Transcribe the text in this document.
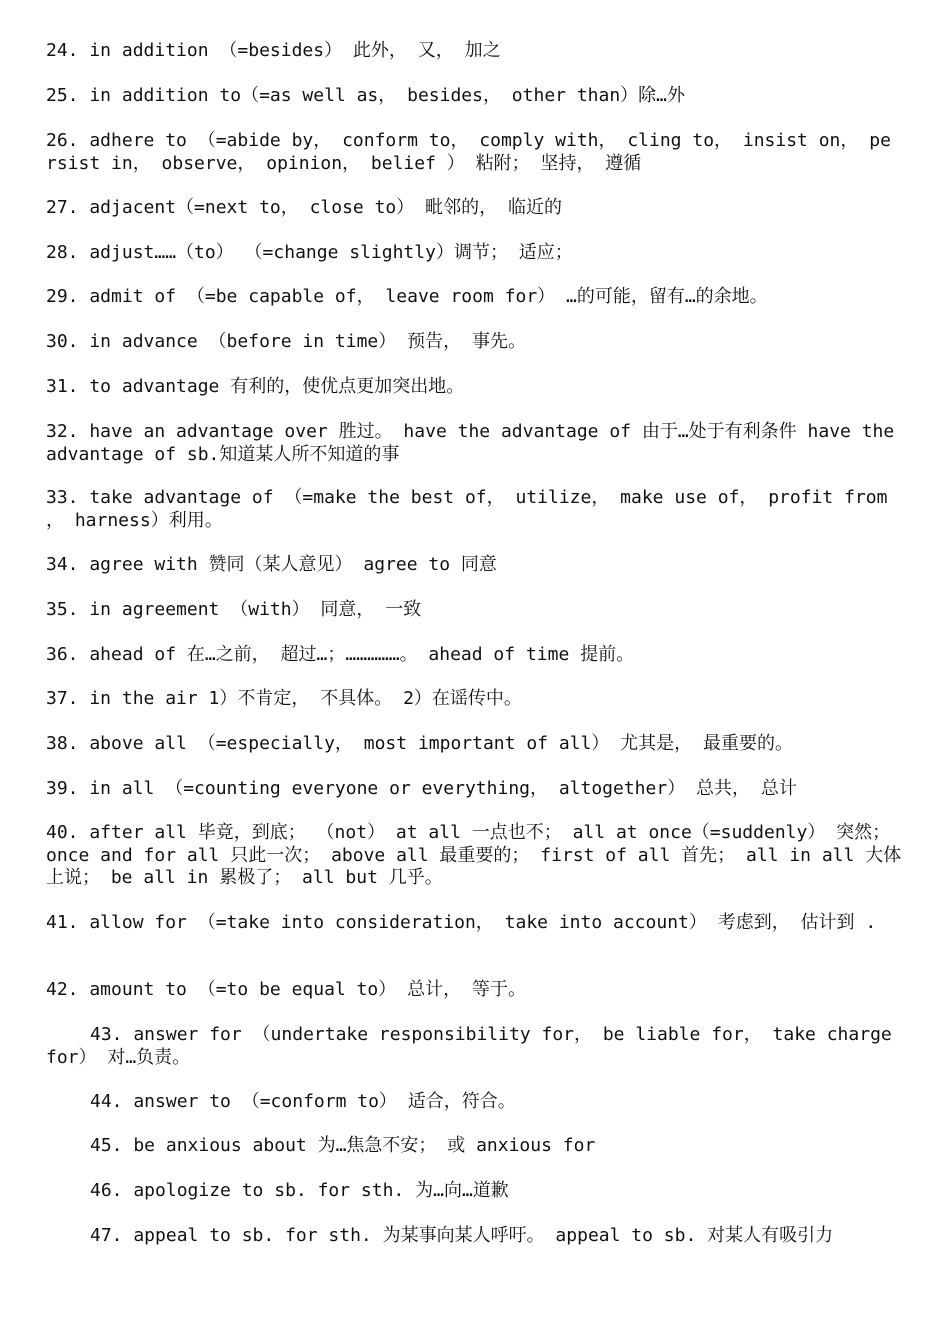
24. in addition （=besides） 此外， 又， 加之

25. in addition to（=as well as， besides， other than）除…外

26. adhere to （=abide by， conform to， comply with， cling to， insist on， pe rsist in， observe， opinion， belief ） 粘附； 坚持， 遵循

27. adjacent（=next to， close to） 毗邻的， 临近的

28. adjust……（to） （=change slightly）调节； 适应；

29. admit of （=be capable of， leave room for） …的可能，留有…的余地。

30. in advance （before in time） 预告， 事先。

31. to advantage 有利的，使优点更加突出地。

32. have an advantage over 胜过。 have the advantage of 由于…处于有利条件 have the advantage of sb.知道某人所不知道的事

33. take advantage of （=make the best of， utilize， make use of， profit from ， harness）利用。

34. agree with 赞同（某人意见） agree to 同意

35. in agreement （with） 同意， 一致

36. ahead of 在…之前， 超过…；……………。 ahead of time 提前。

37. in the air 1）不肯定， 不具体。 2）在谣传中。

38. above all （=especially， most important of all） 尤其是， 最重要的。

39. in all （=counting everyone or everything， altogether） 总共， 总计

40. after all 毕竟，到底； （not） at all 一点也不； all at once（=suddenly） 突然； once and for all 只此一次； above all 最重要的； first of all 首先； all in all 大体上说； be all in 累极了； all but 几乎。

41. allow for （=take into consideration， take into account） 考虑到， 估计到 .

42. amount to （=to be equal to） 总计， 等于。

43. answer for （undertake responsibility for， be liable for， take charge for） 对…负责。

44. answer to （=conform to） 适合，符合。

45. be anxious about 为…焦急不安； 或 anxious for

46. apologize to sb. for sth. 为…向…道歉

47. appeal to sb. for sth. 为某事向某人呼吁。 appeal to sb. 对某人有吸引力
